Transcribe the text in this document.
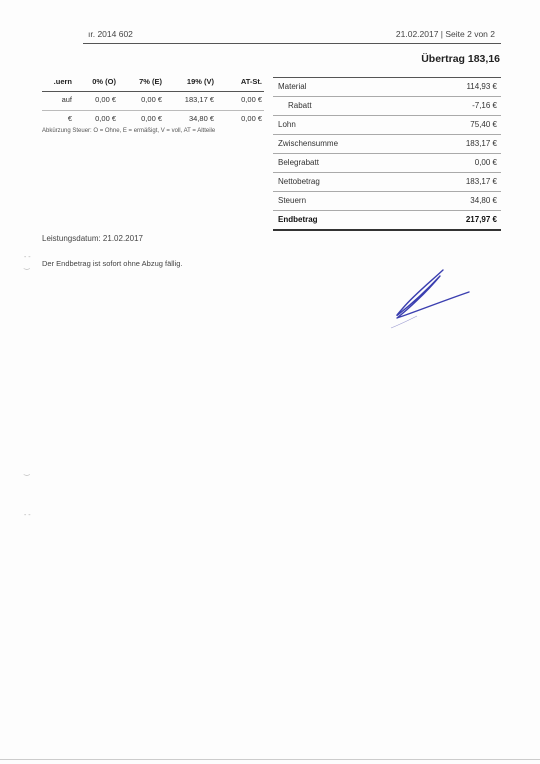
ır. 2014 602	21.02.2017 | Seite 2 von 2
Übertrag 183,16
.uern	0% (O)	7% (E)	19% (V)	AT-St.
auf	0,00 €	0,00 €	183,17 €	0,00 €
€	0,00 €	0,00 €	34,80 €	0,00 €
Abkürzung Steuer: O = Ohne, E = ermäßigt, V = voll, AT = Altteile
Material	114,93 €
Rabatt	-7,16 €
Lohn	75,40 €
Zwischensumme	183,17 €
Belegrabatt	0,00 €
Nettobetrag	183,17 €
Steuern	34,80 €
Endbetrag	217,97 €
Leistungsdatum: 21.02.2017
Der Endbetrag ist sofort ohne Abzug fällig.
- -
‿
‿
- -
